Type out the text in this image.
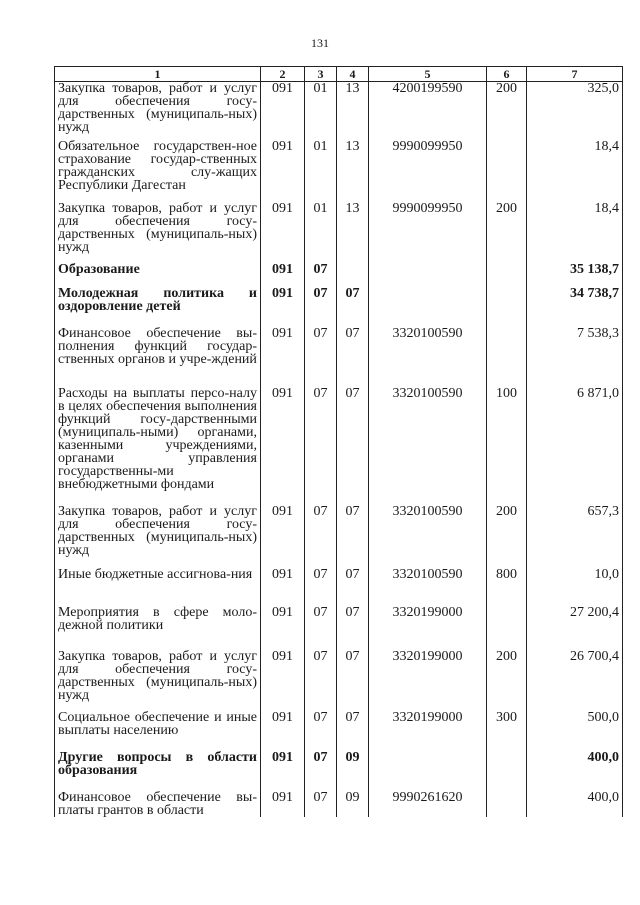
131
1	2	3	4	5	6	7
Закупка товаров, работ и услуг для обеспечения госу-дарственных (муниципаль-ных) нужд	091	01	13	4200199590	200	325,0
Обязательное государствен-ное страхование государ-ственных гражданских слу-жащих Республики Дагестан	091	01	13	9990099950		18,4
Закупка товаров, работ и услуг для обеспечения госу-дарственных (муниципаль-ных) нужд	091	01	13	9990099950	200	18,4
Образование	091	07				35 138,7
Молодежная политика и оздоровление детей	091	07	07			34 738,7
Финансовое обеспечение вы-полнения функций государ-ственных органов и учре-ждений	091	07	07	3320100590		7 538,3
Расходы на выплаты персо-налу в целях обеспечения выполнения функций госу-дарственными (муниципаль-ными) органами, казенными учреждениями, органами управления государственны-ми внебюджетными фондами	091	07	07	3320100590	100	6 871,0
Закупка товаров, работ и услуг для обеспечения госу-дарственных (муниципаль-ных) нужд	091	07	07	3320100590	200	657,3
Иные бюджетные ассигнова-ния	091	07	07	3320100590	800	10,0
Мероприятия в сфере моло-дежной политики	091	07	07	3320199000		27 200,4
Закупка товаров, работ и услуг для обеспечения госу-дарственных (муниципаль-ных) нужд	091	07	07	3320199000	200	26 700,4
Социальное обеспечение и иные выплаты населению	091	07	07	3320199000	300	500,0
Другие вопросы в области образования	091	07	09			400,0
Финансовое обеспечение вы-платы грантов в области	091	07	09	9990261620		400,0
